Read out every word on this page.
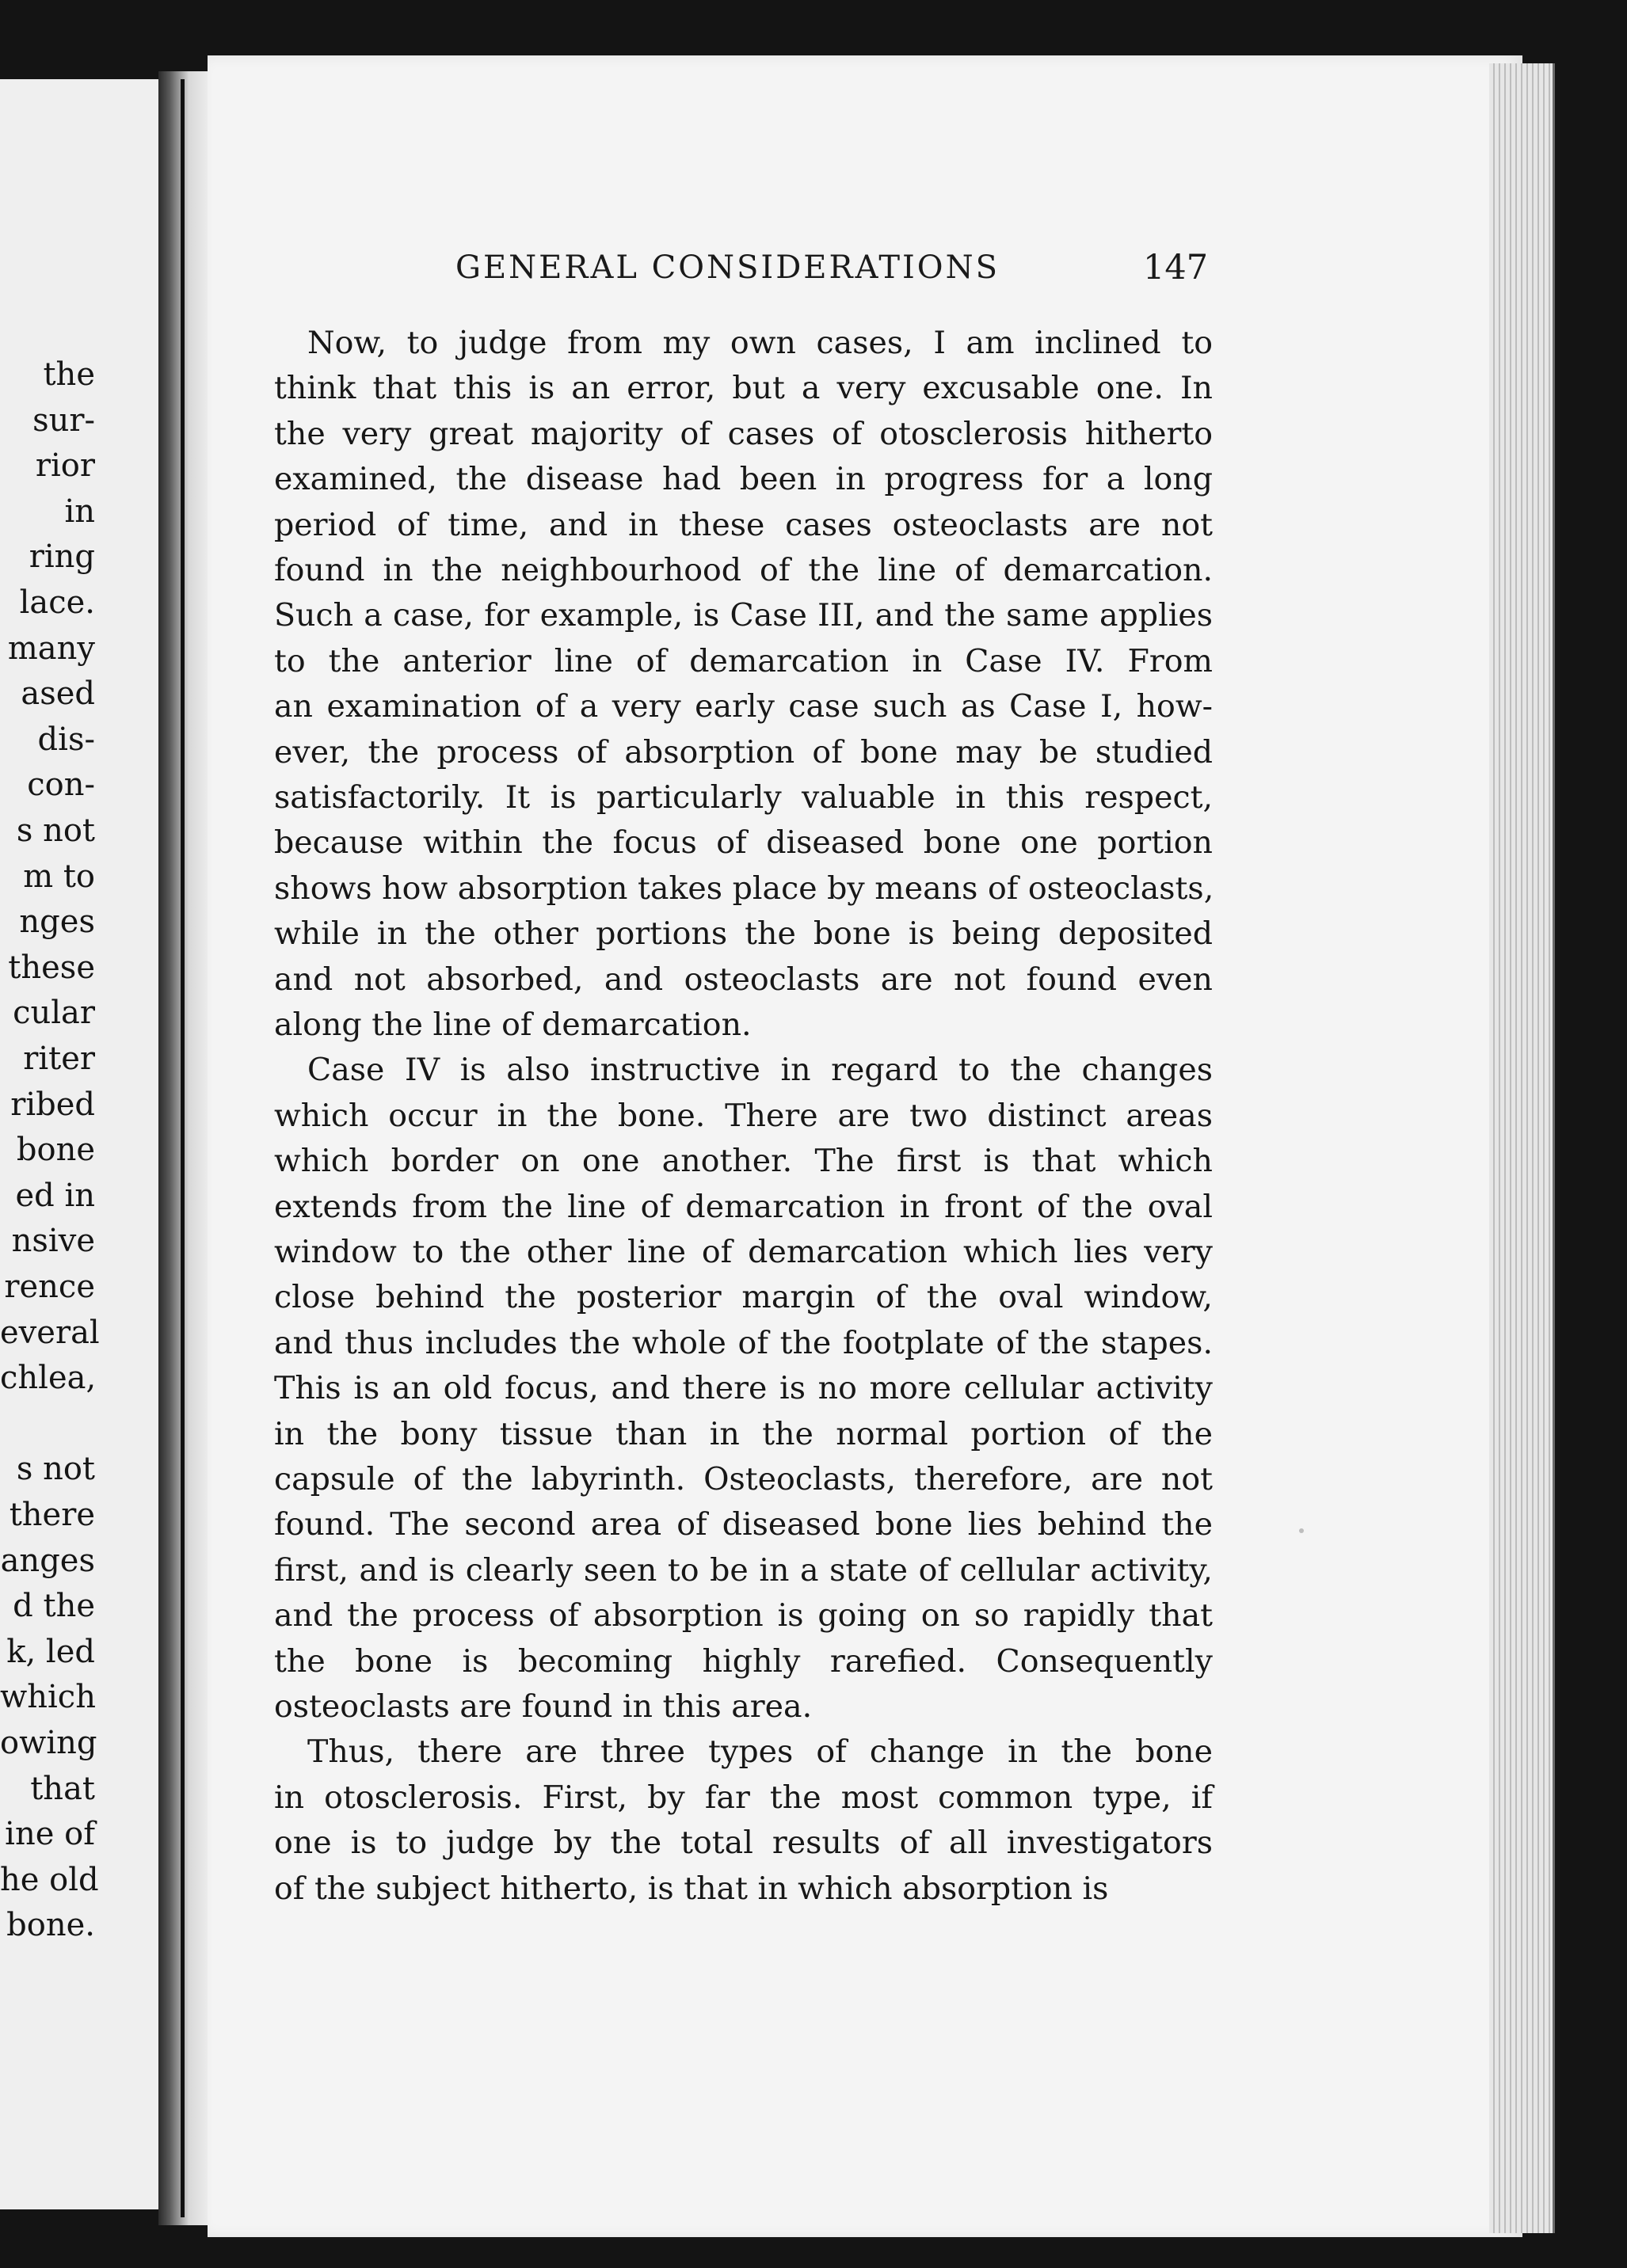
GENERAL CONSIDERATIONS	147
the
sur-
rior
in
ring
lace.
many
ased
dis-
con-
s not
m to
nges
these
cular
riter
ribed
bone
ed in
nsive
rence
everal
chlea,
s not
there
anges
d the
k, led
which
owing
that
ine of
he old
bone.
Now, to judge from my own cases, I am inclined to
think that this is an error, but a very excusable one. In
the very great majority of cases of otosclerosis hitherto
examined, the disease had been in progress for a long
period of time, and in these cases osteoclasts are not
found in the neighbourhood of the line of demarcation.
Such a case, for example, is Case III, and the same applies
to the anterior line of demarcation in Case IV. From
an examination of a very early case such as Case I, how-
ever, the process of absorption of bone may be studied
satisfactorily. It is particularly valuable in this respect,
because within the focus of diseased bone one portion
shows how absorption takes place by means of osteoclasts,
while in the other portions the bone is being deposited
and not absorbed, and osteoclasts are not found even
along the line of demarcation.
Case IV is also instructive in regard to the changes
which occur in the bone. There are two distinct areas
which border on one another. The first is that which
extends from the line of demarcation in front of the oval
window to the other line of demarcation which lies very
close behind the posterior margin of the oval window,
and thus includes the whole of the footplate of the stapes.
This is an old focus, and there is no more cellular activity
in the bony tissue than in the normal portion of the
capsule of the labyrinth. Osteoclasts, therefore, are not
found. The second area of diseased bone lies behind the
first, and is clearly seen to be in a state of cellular activity,
and the process of absorption is going on so rapidly that
the bone is becoming highly rarefied. Consequently
osteoclasts are found in this area.
Thus, there are three types of change in the bone
in otosclerosis. First, by far the most common type, if
one is to judge by the total results of all investigators
of the subject hitherto, is that in which absorption is
